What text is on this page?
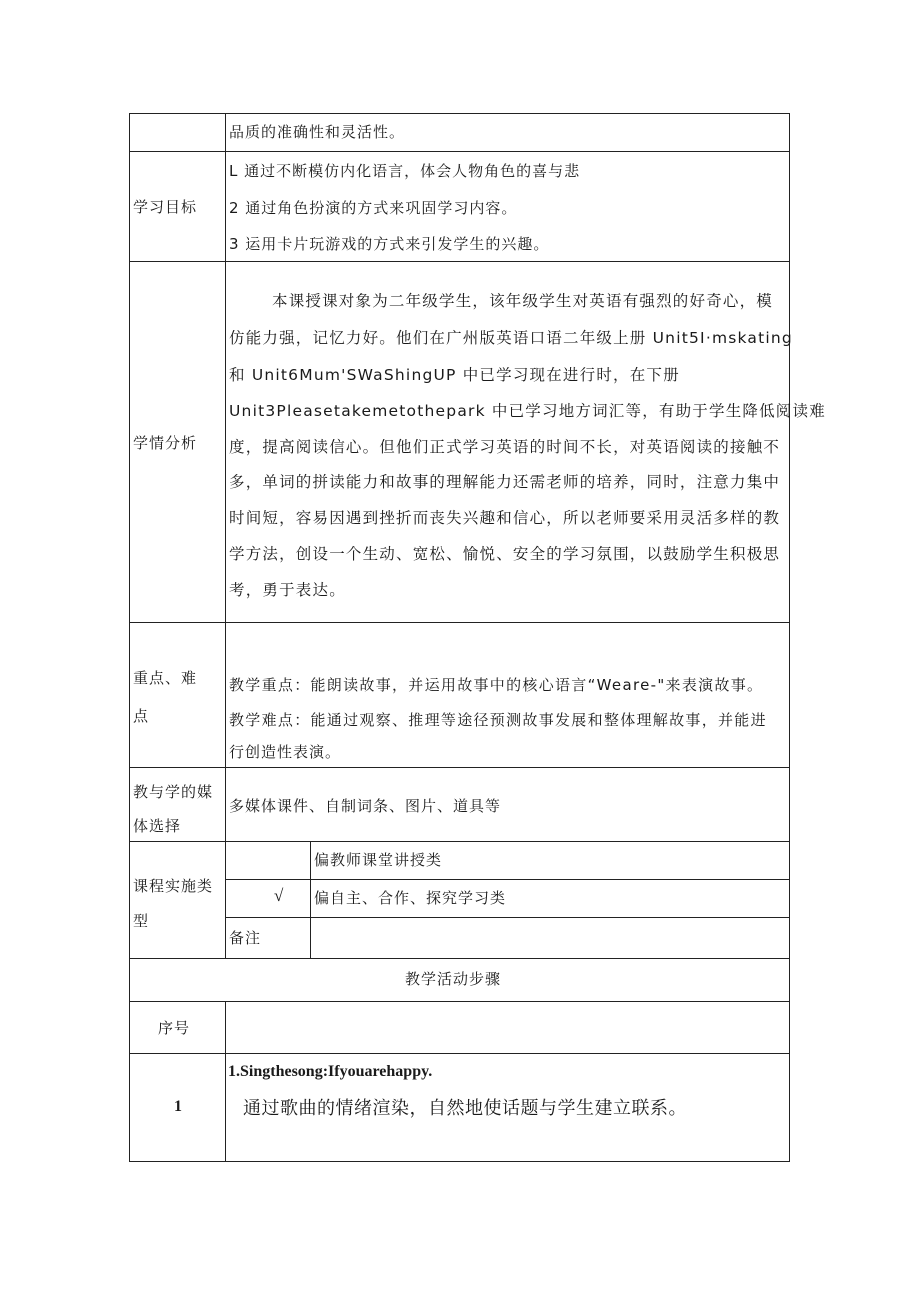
品质的准确性和灵活性。
学习目标
L 通过不断模仿内化语言，体会人物角色的喜与悲
2 通过角色扮演的方式来巩固学习内容。
3 运用卡片玩游戏的方式来引发学生的兴趣。
学情分析
本课授课对象为二年级学生，该年级学生对英语有强烈的好奇心，模
仿能力强，记忆力好。他们在广州版英语口语二年级上册 Unit5I·mskating
和 Unit6Mum'SWaShingUP 中已学习现在进行时，在下册
Unit3Pleasetakemetothepark 中已学习地方词汇等，有助于学生降低阅读难
度，提高阅读信心。但他们正式学习英语的时间不长，对英语阅读的接触不
多，单词的拼读能力和故事的理解能力还需老师的培养，同时，注意力集中
时间短，容易因遇到挫折而丧失兴趣和信心，所以老师要采用灵活多样的教
学方法，创设一个生动、宽松、愉悦、安全的学习氛围，以鼓励学生积极思
考，勇于表达。
重点、难
点
教学重点：能朗读故事，并运用故事中的核心语言“Weare-"来表演故事。
教学难点：能通过观察、推理等途径预测故事发展和整体理解故事，并能进
行创造性表演。
教与学的媒
体选择
多媒体课件、自制词条、图片、道具等
课程实施类
型
偏教师课堂讲授类
√ 偏自主、合作、探究学习类
备注
教学活动步骤
序号
1
1.Singthesong:Ifyouarehappy.
通过歌曲的情绪渲染，自然地使话题与学生建立联系。
